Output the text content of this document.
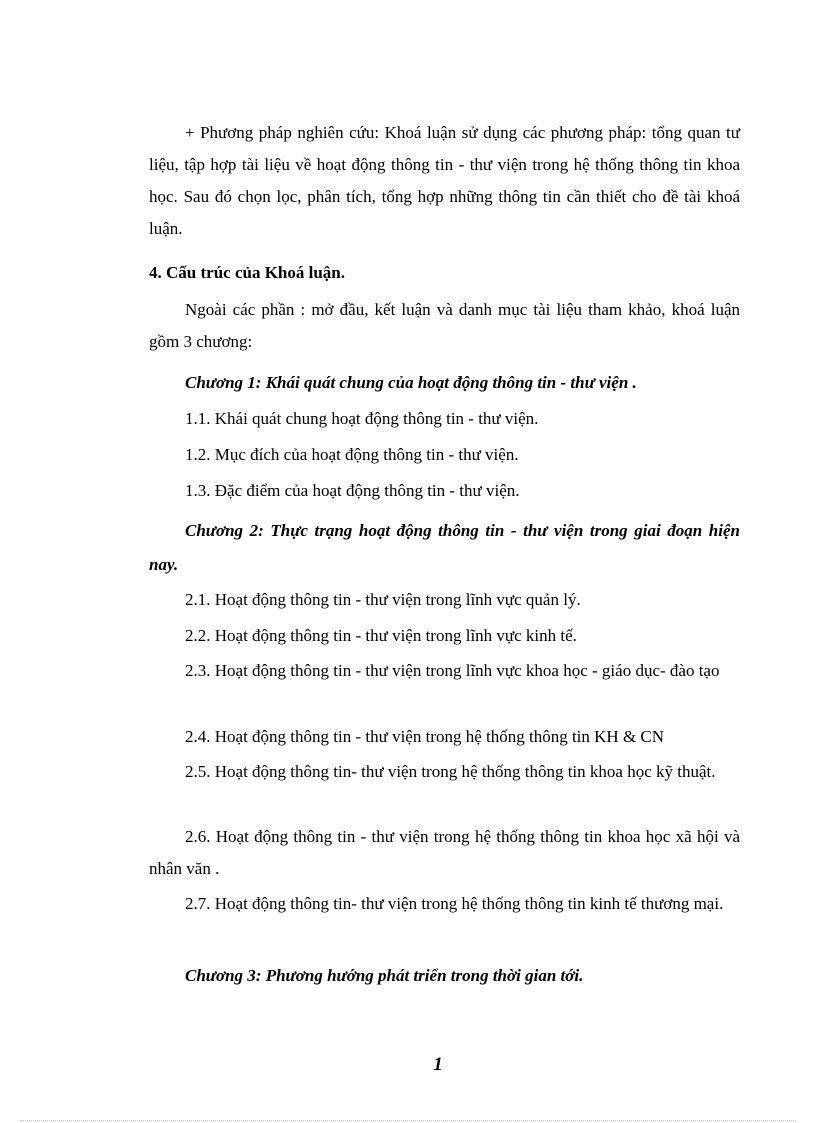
+ Phương pháp nghiên cứu: Khoá luận sử dụng các phương pháp: tổng quan tư liệu, tập hợp tài liệu về hoạt động thông tin - thư viện trong hệ thống thông tin khoa học. Sau đó chọn lọc, phân tích, tổng hợp những thông tin cần thiết cho đề tài khoá luận.

4. Cấu trúc của Khoá luận.

Ngoài các phần : mở đầu, kết luận và danh mục tài liệu tham khảo, khoá luận gồm 3 chương:

Chương 1: Khái quát chung của hoạt động thông tin - thư viện .

1.1. Khái quát chung hoạt động thông tin - thư viện.

1.2. Mục đích của hoạt động thông tin - thư viện.

1.3. Đặc điểm của hoạt động thông tin - thư viện.

Chương 2: Thực trạng hoạt động thông tin - thư viện trong giai đoạn hiện nay.

2.1. Hoạt động thông tin - thư viện trong lĩnh vực quản lý.

2.2. Hoạt động thông tin - thư viện trong lĩnh vực kinh tế.

2.3. Hoạt động thông tin - thư viện trong lĩnh vực khoa học - giáo dục- đào tạo

2.4. Hoạt động thông tin - thư viện trong hệ thống thông tin KH & CN

2.5. Hoạt động thông tin- thư viện trong hệ thống thông tin khoa học kỹ thuật.

2.6. Hoạt động thông tin - thư viện trong hệ thống thông tin khoa học xã hội và nhân văn .

2.7. Hoạt động thông tin- thư viện trong hệ thống thông tin kinh tế thương mại.

Chương 3: Phương hướng phát triển trong thời gian tới.

1
